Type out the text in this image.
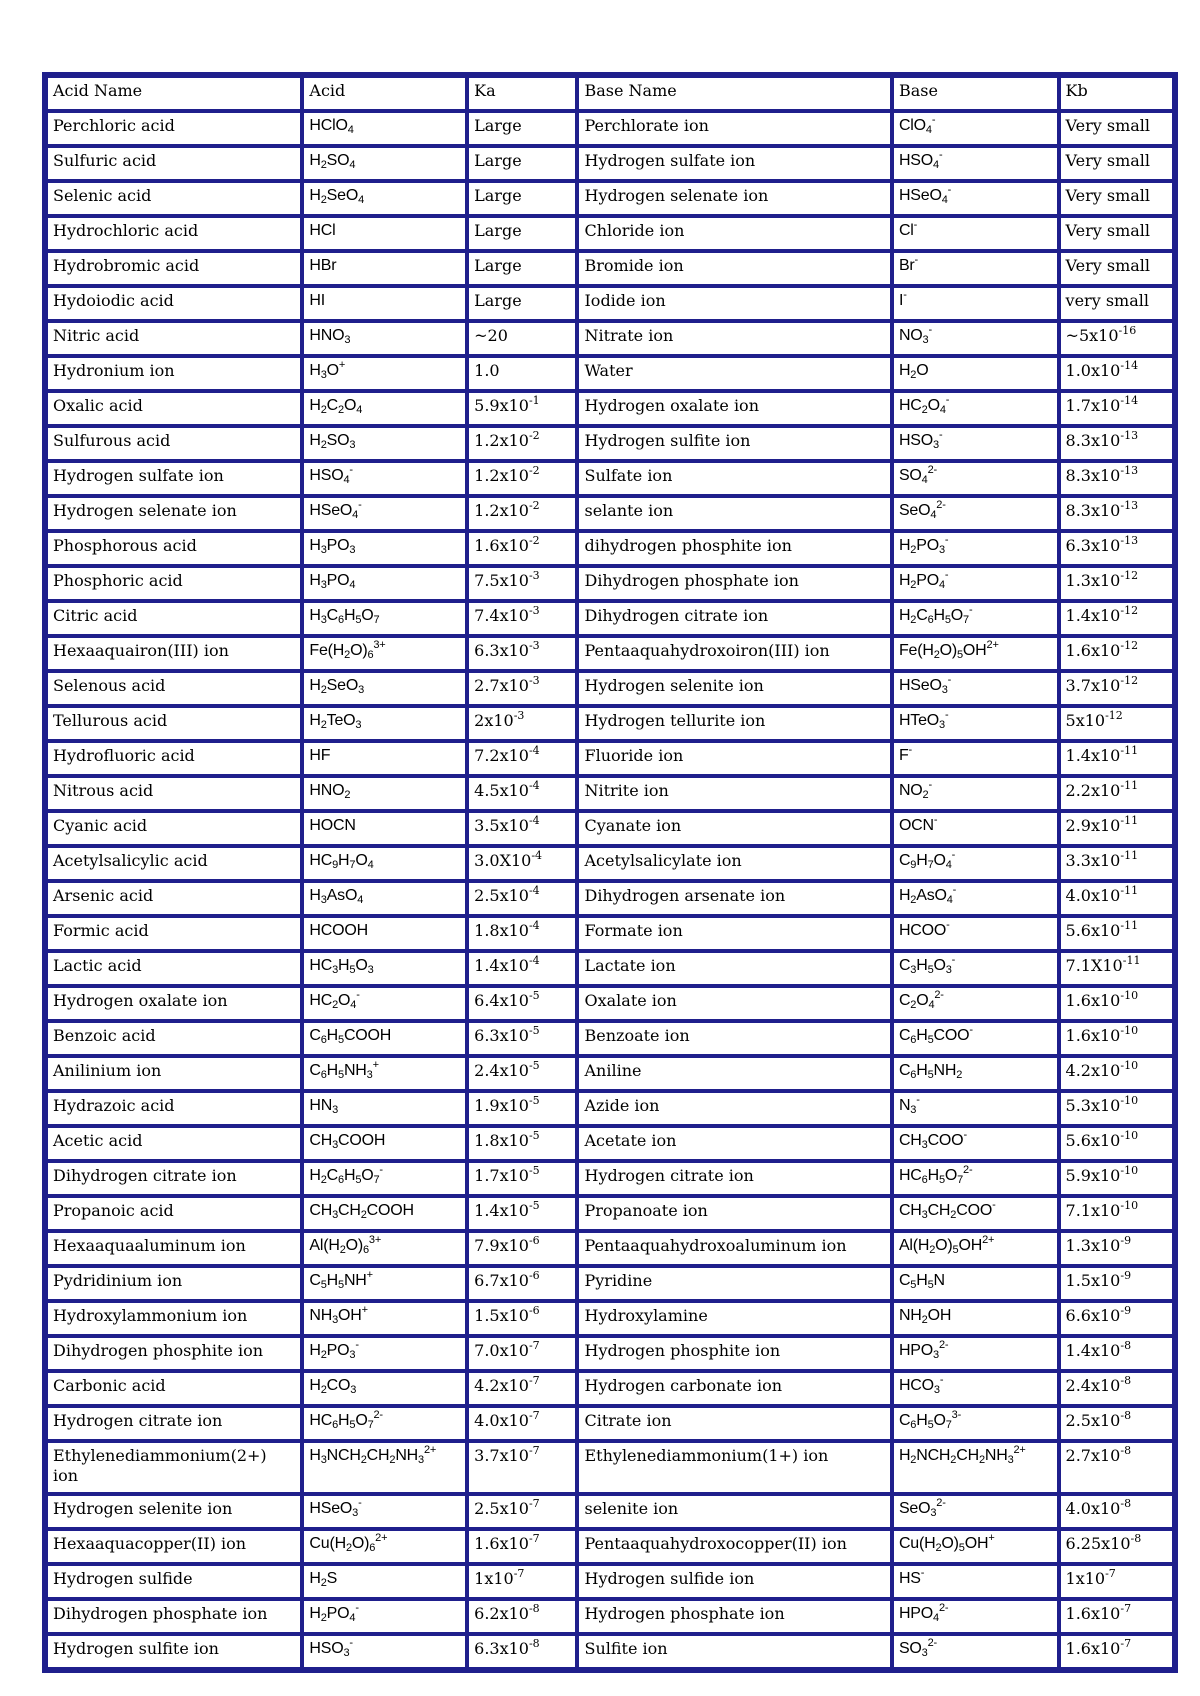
Acid Name	Acid	Ka	Base Name	Base	Kb
Perchloric acid	HClO$_4$	Large	Perchlorate ion	ClO$_4$-	Very small
Sulfuric acid	$H_2SO_4$	Large	Hydrogen sulfate ion	$HSO_4^-$	Very small
Selenic acid	$H_2SeO_4$	Large	Hydrogen selenate ion	HSeO$_4$-	Very small
Hydrochloric acid	HCl	Large	Chloride ion	Cl-	Very small
Hydrobromic acid	HBr	Large	Bromide ion	Br-	Very small
Hydoiodic acid	HI	Large	Iodide ion	I-	very small
Nitric acid	$HNO_3$	~20	Nitrate ion	$NO_3^-$	$\sim 5x10^{-16}$
Hydronium ion	$H_3O^+$	1.0	Water	$H_2O$	$1.0x10^{-14}$
Oxalic acid	$H_2C_2O_4$	$5.9x10^{-1}$	Hydrogen oxalate ion	$HC_2O_4^-$	$1.7x10^{-14}$
Sulfurous acid	$H_2SO_3$	$1.2x10^{-2}$	Hydrogen sulfite ion	$HSO_3^-$	$8.3x10^{-13}$
Hydrogen sulfate ion	$HSO_4^-$	$1.2x10^{-2}$	Sulfate ion	$SO_4^{2-}$	$8.3x10^{-13}$
Hydrogen selenate ion	HSeO$_4$-	$1.2x10^{-2}$	selante ion	SeO$_4^{2-}$	$8.3x10^{-13}$
Phosphorous acid	$H_3PO_3$	$1.6x10^{-2}$	dihydrogen phosphite ion	$H_2PO_3^-$	$6.3x10^{-13}$
Phosphoric acid	$H_3PO_4$	$7.5x10^{-3}$	Dihydrogen phosphate ion	$H_2PO_4^-$	$1.3x10^{-12}$
Citric acid	$H_3C_6H_5O_7$	$7.4x10^{-3}$	Dihydrogen citrate ion	$H_2C_6H_5O_7^-$	$1.4x10^{-12}$
Hexaaquairon(III) ion	$Fe(H_2O)_6^{3+}$	$6.3x10^{-3}$	Pentaaquahydroxoiron(III) ion	$Fe(H_2O)_5OH^{2+}$	$1.6x10^{-12}$
Selenous acid	$H_2SeO_3$	$2.7x10^{-3}$	Hydrogen selenite ion	HSeO$_3$-	$3.7x10^{-12}$
Tellurous acid	$H_2TeO_3$	$2x10^{-3}$	Hydrogen tellurite ion	HTeO$_3$-	$5x10^{-12}$
Hydrofluoric acid	HF	$7.2x10^{-4}$	Fluoride ion	F-	$1.4x10^{-11}$
Nitrous acid	$HNO_2$	$4.5x10^{-4}$	Nitrite ion	$NO_2^-$	$2.2x10^{-11}$
Cyanic acid	HOCN	$3.5x10^{-4}$	Cyanate ion	OCN-	$2.9x10^{-11}$
Acetylsalicylic acid	$HC_9H_7O_4$	$3.0X10^{-4}$	Acetylsalicylate ion	$C_9H_7O_4^-$	$3.3x10^{-11}$
Arsenic acid	$H_3AsO_4$	$2.5x10^{-4}$	Dihydrogen arsenate ion	$H_2AsO_4^-$	$4.0x10^{-11}$
Formic acid	HCOOH	$1.8x10^{-4}$	Formate ion	HCOO-	$5.6x10^{-11}$
Lactic acid	$HC_3H_5O_3$	$1.4x10^{-4}$	Lactate ion	$C_3H_5O_3^-$	$7.1X10^{-11}$
Hydrogen oxalate ion	$HC_2O_4^-$	$6.4x10^{-5}$	Oxalate ion	$C_2O_4^{2-}$	$1.6x10^{-10}$
Benzoic acid	$C_6H_5COOH$	$6.3x10^{-5}$	Benzoate ion	$C_6H_5COO^-$	$1.6x10^{-10}$
Anilinium ion	$C_6H_5NH_3^+$	$2.4x10^{-5}$	Aniline	$C_6H_5NH_2$	$4.2x10^{-10}$
Hydrazoic acid	$HN_3$	$1.9x10^{-5}$	Azide ion	$N_3^-$	$5.3x10^{-10}$
Acetic acid	$CH_3COOH$	$1.8x10^{-5}$	Acetate ion	$CH_3COO^-$	$5.6x10^{-10}$
Dihydrogen citrate ion	$H_2C_6H_5O_7^-$	$1.7x10^{-5}$	Hydrogen citrate ion	$HC_6H_5O_7^{2-}$	$5.9x10^{-10}$
Propanoic acid	$CH_3CH_2COOH$	$1.4x10^{-5}$	Propanoate ion	$CH_3CH_2COO^-$	$7.1x10^{-10}$
Hexaaquaaluminum ion	$Al(H_2O)_6^{3+}$	$7.9x10^{-6}$	Pentaaquahydroxoaluminum ion	$Al(H_2O)_5OH^{2+}$	$1.3x10^{-9}$
Pydridinium ion	$C_5H_5NH^+$	$6.7x10^{-6}$	Pyridine	$C_5H_5N$	$1.5x10^{-9}$
Hydroxylammonium ion	$NH_3OH^+$	$1.5x10^{-6}$	Hydroxylamine	$NH_2OH$	$6.6x10^{-9}$
Dihydrogen phosphite ion	$H_2PO_3^-$	$7.0x10^{-7}$	Hydrogen phosphite ion	$HPO_3^{2-}$	$1.4x10^{-8}$
Carbonic acid	$H_2CO_3$	$4.2x10^{-7}$	Hydrogen carbonate ion	$HCO_3^-$	$2.4x10^{-8}$
Hydrogen citrate ion	$HC_6H_5O_7^{2-}$	$4.0x10^{-7}$	Citrate ion	$C_6H_5O_7^{3-}$	$2.5x10^{-8}$
Ethylenediammonium(2+) ion	$H_3NCH_2CH_2NH_3^{2+}$	$3.7x10^{-7}$	Ethylenediammonium(1+) ion	$H_2NCH_2CH_2NH_3^{2+}$	$2.7x10^{-8}$
Hydrogen selenite ion	HSeO$_3$-	$2.5x10^{-7}$	selenite ion	SeO$_3^{2-}$	$4.0x10^{-8}$
Hexaaquacopper(II) ion	$Cu(H_2O)_6^{2+}$	$1.6x10^{-7}$	Pentaaquahydroxocopper(II) ion	$Cu(H_2O)_5OH^+$	$6.25x10^{-8}$
Hydrogen sulfide	$H_2S$	$1x10^{-7}$	Hydrogen sulfide ion	HS-	$1x10^{-7}$
Dihydrogen phosphate ion	$H_2PO_4^-$	$6.2x10^{-8}$	Hydrogen phosphate ion	$HPO_4^{2-}$	$1.6x10^{-7}$
Hydrogen sulfite ion	$HSO_3^-$	$6.3x10^{-8}$	Sulfite ion	$SO_3^{2-}$	$1.6x10^{-7}$
